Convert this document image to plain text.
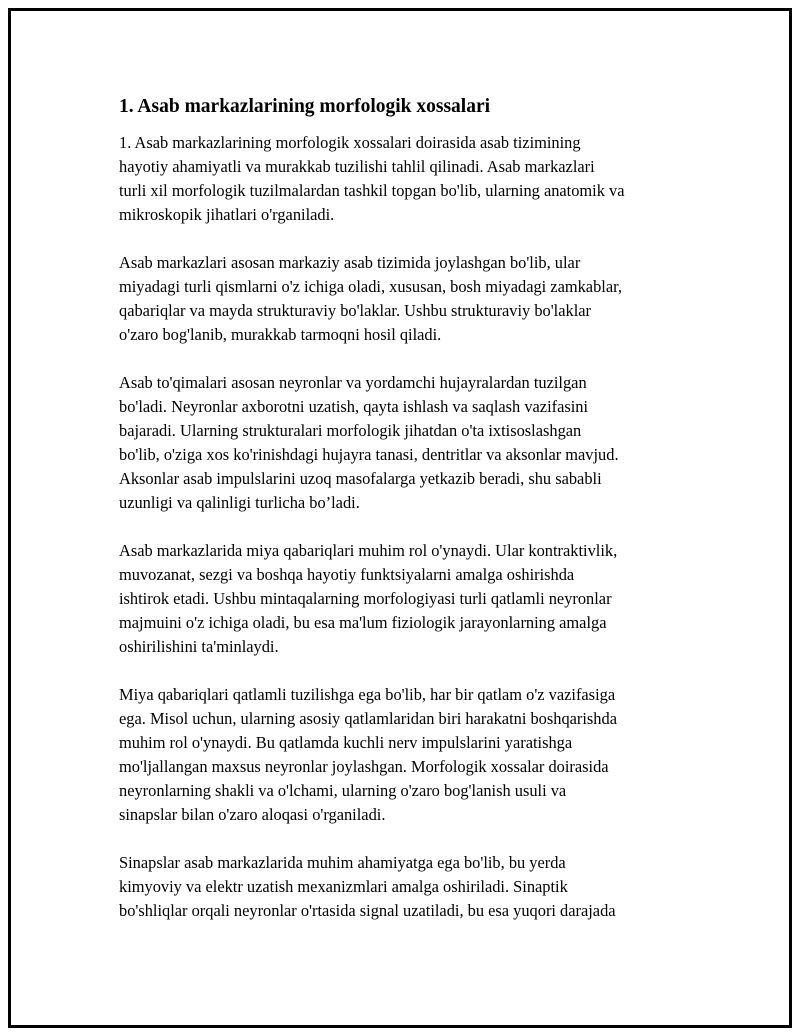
1. Asab markazlarining morfologik xossalari

1. Asab markazlarining morfologik xossalari doirasida asab tizimining
hayotiy ahamiyatli va murakkab tuzilishi tahlil qilinadi. Asab markazlari
turli xil morfologik tuzilmalardan tashkil topgan bo'lib, ularning anatomik va
mikroskopik jihatlari o'rganiladi.

Asab markazlari asosan markaziy asab tizimida joylashgan bo'lib, ular
miyadagi turli qismlarni o'z ichiga oladi, xususan, bosh miyadagi zamkablar,
qabariqlar va mayda strukturaviy bo'laklar. Ushbu strukturaviy bo'laklar
o'zaro bog'lanib, murakkab tarmoqni hosil qiladi.

Asab to'qimalari asosan neyronlar va yordamchi hujayralardan tuzilgan
bo'ladi. Neyronlar axborotni uzatish, qayta ishlash va saqlash vazifasini
bajaradi. Ularning strukturalari morfologik jihatdan o'ta ixtisoslashgan
bo'lib, o'ziga xos ko'rinishdagi hujayra tanasi, dentritlar va aksonlar mavjud.
Aksonlar asab impulslarini uzoq masofalarga yetkazib beradi, shu sababli
uzunligi va qalinligi turlicha bo’ladi.

Asab markazlarida miya qabariqlari muhim rol o'ynaydi. Ular kontraktivlik,
muvozanat, sezgi va boshqa hayotiy funktsiyalarni amalga oshirishda
ishtirok etadi. Ushbu mintaqalarning morfologiyasi turli qatlamli neyronlar
majmuini o'z ichiga oladi, bu esa ma'lum fiziologik jarayonlarning amalga
oshirilishini ta'minlaydi.

Miya qabariqlari qatlamli tuzilishga ega bo'lib, har bir qatlam o'z vazifasiga
ega. Misol uchun, ularning asosiy qatlamlaridan biri harakatni boshqarishda
muhim rol o'ynaydi. Bu qatlamda kuchli nerv impulslarini yaratishga
mo'ljallangan maxsus neyronlar joylashgan. Morfologik xossalar doirasida
neyronlarning shakli va o'lchami, ularning o'zaro bog'lanish usuli va
sinapslar bilan o'zaro aloqasi o'rganiladi.

Sinapslar asab markazlarida muhim ahamiyatga ega bo'lib, bu yerda
kimyoviy va elektr uzatish mexanizmlari amalga oshiriladi. Sinaptik
bo'shliqlar orqali neyronlar o'rtasida signal uzatiladi, bu esa yuqori darajada
